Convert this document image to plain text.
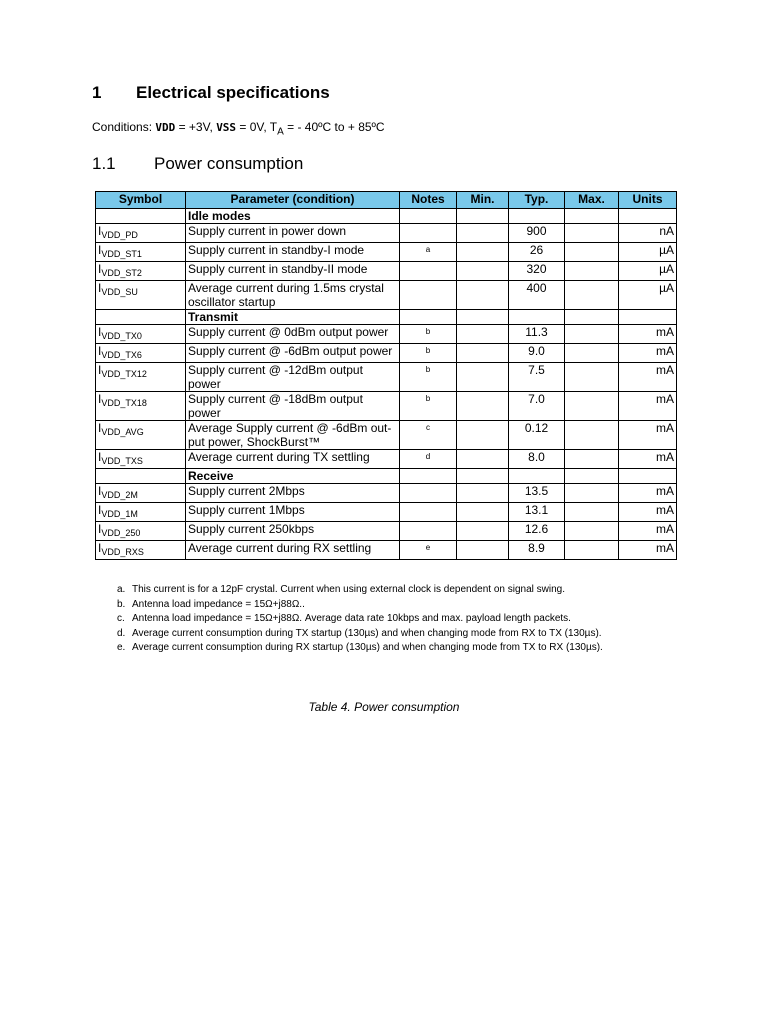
1 Electrical specifications
Conditions: VDD = +3V, VSS = 0V, $T_A$ = - 40ºC to + 85ºC
1.1 Power consumption
Symbol	Parameter (condition)	Notes	Min.	Typ.	Max.	Units
	Idle modes					
$I_{VDD\_PD}$	Supply current in power down			900		nA
$I_{VDD\_ST1}$	Supply current in standby-I mode	a		26		µA
$I_{VDD\_ST2}$	Supply current in standby-II mode			320		µA
$I_{VDD\_SU}$	Average current during 1.5ms crystal oscillator startup			400		µA
	Transmit					
$I_{VDD\_TX0}$	Supply current @ 0dBm output power	b		11.3		mA
$I_{VDD\_TX6}$	Supply current @ -6dBm output power	b		9.0		mA
$I_{VDD\_TX12}$	Supply current @ -12dBm output power	b		7.5		mA
$I_{VDD\_TX18}$	Supply current @ -18dBm output power	b		7.0		mA
$I_{VDD\_AVG}$	Average Supply current @ -6dBm out-put power, ShockBurst™	c		0.12		mA
$I_{VDD\_TXS}$	Average current during TX settling	d		8.0		mA
	Receive					
$I_{VDD\_2M}$	Supply current 2Mbps			13.5		mA
$I_{VDD\_1M}$	Supply current 1Mbps			13.1		mA
$I_{VDD\_250}$	Supply current 250kbps			12.6		mA
$I_{VDD\_RXS}$	Average current during RX settling	e		8.9		mA
a. This current is for a 12pF crystal. Current when using external clock is dependent on signal swing.
b. Antenna load impedance = 15Ω+j88Ω..
c. Antenna load impedance = 15Ω+j88Ω. Average data rate 10kbps and max. payload length packets.
d. Average current consumption during TX startup (130µs) and when changing mode from RX to TX (130µs).
e. Average current consumption during RX startup (130µs) and when changing mode from TX to RX (130µs).
Table 4. Power consumption
